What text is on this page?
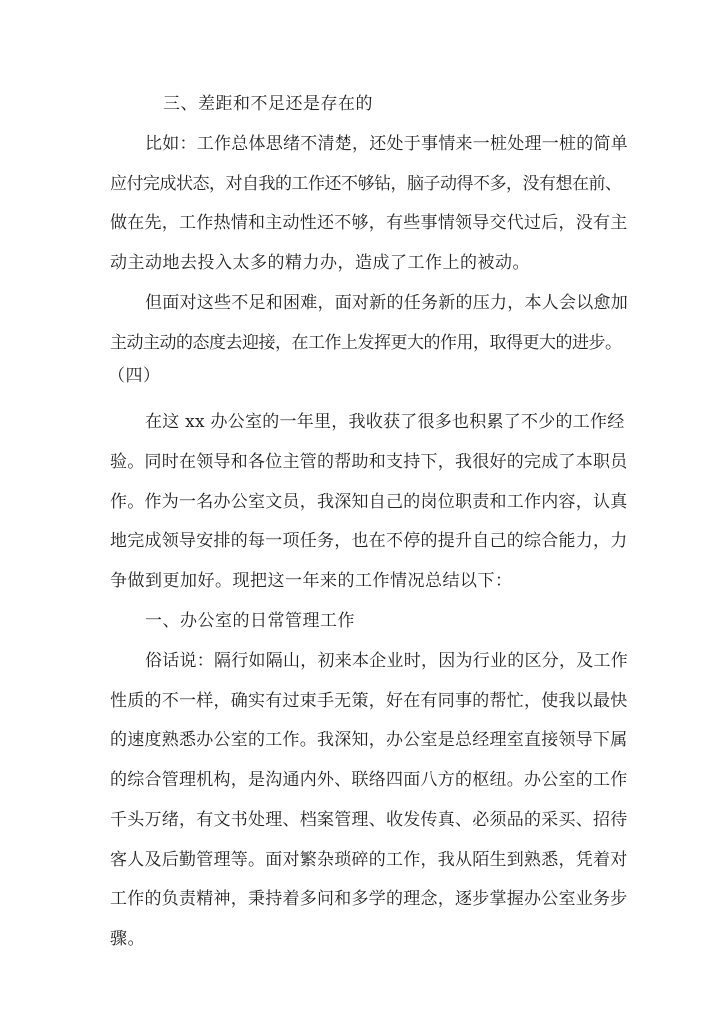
三、差距和不足还是存在的
比如：工作总体思绪不清楚，还处于事情来一桩处理一桩的简单
应付完成状态，对自我的工作还不够钻，脑子动得不多，没有想在前、
做在先，工作热情和主动性还不够，有些事情领导交代过后，没有主
动主动地去投入太多的精力办，造成了工作上的被动。
但面对这些不足和困难，面对新的任务新的压力，本人会以愈加
主动主动的态度去迎接，在工作上发挥更大的作用，取得更大的进步。
（四）
在这 xx 办公室的一年里，我收获了很多也积累了不少的工作经
验。同时在领导和各位主管的帮助和支持下，我很好的完成了本职员
作。作为一名办公室文员，我深知自己的岗位职责和工作内容，认真
地完成领导安排的每一项任务，也在不停的提升自己的综合能力，力
争做到更加好。现把这一年来的工作情况总结以下：
一、办公室的日常管理工作
俗话说：隔行如隔山，初来本企业时，因为行业的区分，及工作
性质的不一样，确实有过束手无策，好在有同事的帮忙，使我以最快
的速度熟悉办公室的工作。我深知，办公室是总经理室直接领导下属
的综合管理机构，是沟通内外、联络四面八方的枢纽。办公室的工作
千头万绪，有文书处理、档案管理、收发传真、必须品的采买、招待
客人及后勤管理等。面对繁杂琐碎的工作，我从陌生到熟悉，凭着对
工作的负责精神，秉持着多问和多学的理念，逐步掌握办公室业务步
骤。
